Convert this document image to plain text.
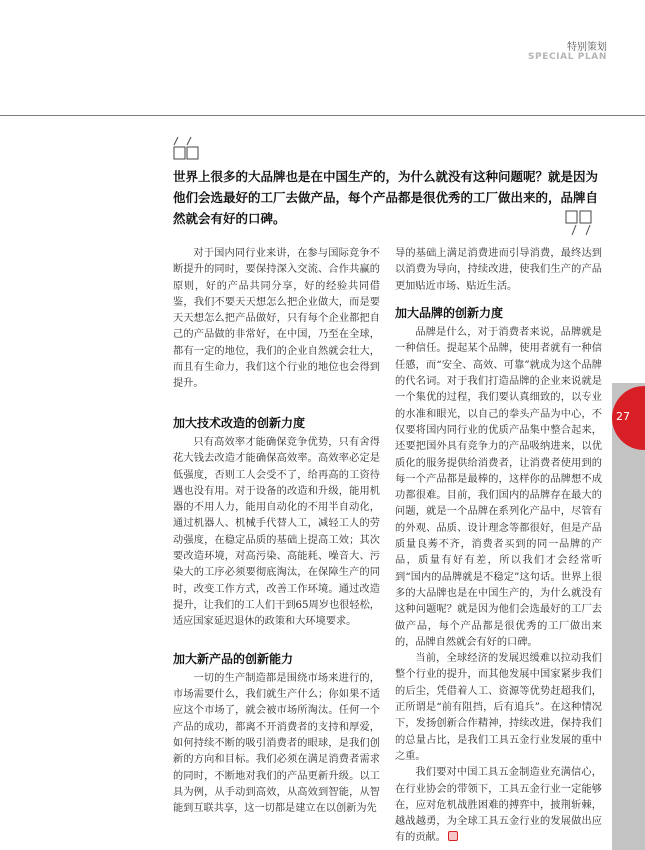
特别策划
SPECIAL PLAN
27
世界上很多的大品牌也是在中国生产的，为什么就没有这种问题呢？就是因为他们会选最好的工厂去做产品，每个产品都是很优秀的工厂做出来的，品牌自然就会有好的口碑。

对于国内同行业来讲，在参与国际竞争不断提升的同时，要保持深入交流、合作共赢的原则，好的产品共同分享，好的经验共同借鉴，我们不要天天想怎么把企业做大，而是要天天想怎么把产品做好，只有每个企业都把自己的产品做的非常好，在中国，乃至在全球，都有一定的地位，我们的企业自然就会壮大，而且有生命力，我们这个行业的地位也会得到提升。

加大技术改造的创新力度

只有高效率才能确保竞争优势，只有舍得花大钱去改造才能确保高效率。高效率必定是低强度，否则工人会受不了，给再高的工资待遇也没有用。对于设备的改造和升级，能用机器的不用人力，能用自动化的不用半自动化，通过机器人、机械手代替人工，减轻工人的劳动强度，在稳定品质的基础上提高工效；其次要改造环境，对高污染、高能耗、噪音大、污染大的工序必须要彻底淘汰，在保障生产的同时，改变工作方式，改善工作环境。通过改造提升，让我们的工人们干到65周岁也很轻松，适应国家延迟退休的政策和大环境要求。

加大新产品的创新能力

一切的生产制造都是围绕市场来进行的，市场需要什么，我们就生产什么；你如果不适应这个市场了，就会被市场所淘汰。任何一个产品的成功，都离不开消费者的支持和厚爱，如何持续不断的吸引消费者的眼球，是我们创新的方向和目标。我们必须在满足消费者需求的同时，不断地对我们的产品更新升级。以工具为例，从手动到高效，从高效到智能，从智能到互联共享，这一切都是建立在以创新为先

导的基础上满足消费进而引导消费，最终达到以消费为导向，持续改进，使我们生产的产品更加贴近市场、贴近生活。

加大品牌的创新力度

品牌是什么，对于消费者来说，品牌就是一种信任。提起某个品牌，使用者就有一种信任感，而“安全、高效、可靠”就成为这个品牌的代名词。对于我们打造品牌的企业来说就是一个集优的过程，我们要认真细致的，以专业的水准和眼光，以自己的拳头产品为中心，不仅要将国内同行业的优质产品集中整合起来，还要把国外具有竞争力的产品吸纳进来，以优质化的服务提供给消费者，让消费者使用到的每一个产品都是最棒的，这样你的品牌想不成功都很难。目前，我们国内的品牌存在最大的问题，就是一个品牌在系列化产品中，尽管有的外观、品质、设计理念等都很好，但是产品质量良莠不齐，消费者买到的同一品牌的产品，质量有好有差，所以我们才会经常听到“国内的品牌就是不稳定”这句话。世界上很多的大品牌也是在中国生产的，为什么就没有这种问题呢？就是因为他们会选最好的工厂去做产品，每个产品都是很优秀的工厂做出来的，品牌自然就会有好的口碑。

当前，全球经济的发展迟缓难以拉动我们整个行业的提升，而其他发展中国家紧步我们的后尘，凭借着人工、资源等优势赶超我们，正所谓是“前有阻挡，后有追兵”。在这种情况下，发扬创新合作精神，持续改进，保持我们的总量占比，是我们工具五金行业发展的重中之重。

我们要对中国工具五金制造业充满信心，在行业协会的带领下，工具五金行业一定能够在，应对危机战胜困难的搏弈中，披荆斩棘，越战越勇，为全球工具五金行业的发展做出应有的贡献。
